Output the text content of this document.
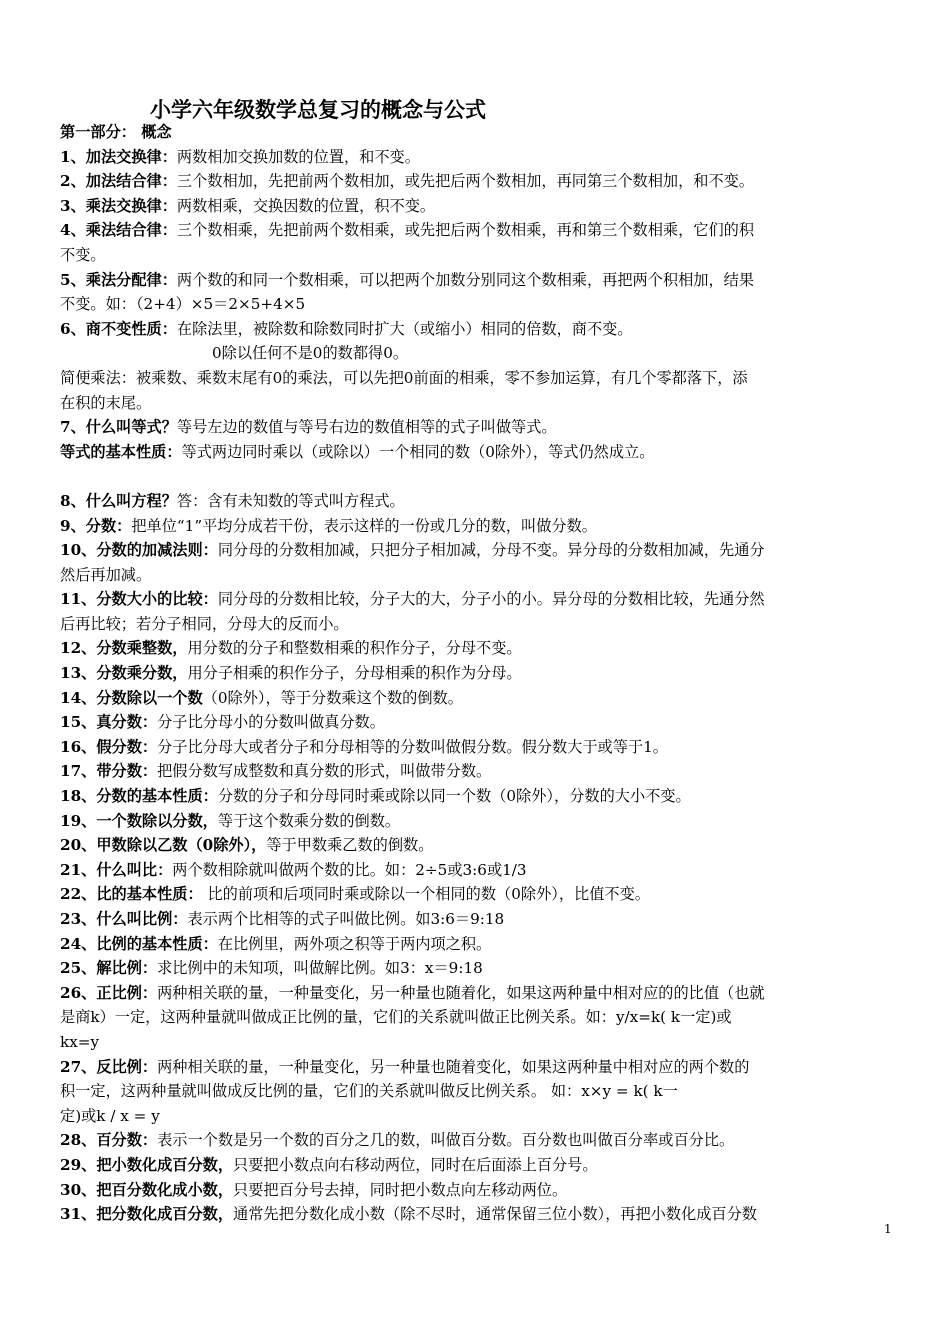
小学六年级数学总复习的概念与公式
第一部分： 概念
1、加法交换律：两数相加交换加数的位置，和不变。
2、加法结合律：三个数相加，先把前两个数相加，或先把后两个数相加，再同第三个数相加，和不变。
3、乘法交换律：两数相乘，交换因数的位置，积不变。
4、乘法结合律：三个数相乘，先把前两个数相乘，或先把后两个数相乘，再和第三个数相乘，它们的积
不变。
5、乘法分配律：两个数的和同一个数相乘，可以把两个加数分别同这个数相乘，再把两个积相加，结果
不变。如：（2+4）×5＝2×5+4×5
6、商不变性质：在除法里，被除数和除数同时扩大（或缩小）相同的倍数，商不变。
0除以任何不是0的数都得0。
简便乘法：被乘数、乘数末尾有0的乘法，可以先把0前面的相乘，零不参加运算，有几个零都落下，添
在积的末尾。
7、什么叫等式？等号左边的数值与等号右边的数值相等的式子叫做等式。
等式的基本性质：等式两边同时乘以（或除以）一个相同的数（0除外），等式仍然成立。
8、什么叫方程？答：含有未知数的等式叫方程式。
9、分数：把单位“1”平均分成若干份，表示这样的一份或几分的数，叫做分数。
10、分数的加减法则：同分母的分数相加减，只把分子相加减，分母不变。异分母的分数相加减，先通分
然后再加减。
11、分数大小的比较：同分母的分数相比较，分子大的大，分子小的小。异分母的分数相比较，先通分然
后再比较；若分子相同，分母大的反而小。
12、分数乘整数，用分数的分子和整数相乘的积作分子，分母不变。
13、分数乘分数，用分子相乘的积作分子，分母相乘的积作为分母。
14、分数除以一个数（0除外），等于分数乘这个数的倒数。
15、真分数：分子比分母小的分数叫做真分数。
16、假分数：分子比分母大或者分子和分母相等的分数叫做假分数。假分数大于或等于1。
17、带分数：把假分数写成整数和真分数的形式，叫做带分数。
18、分数的基本性质：分数的分子和分母同时乘或除以同一个数（0除外），分数的大小不变。
19、一个数除以分数，等于这个数乘分数的倒数。
20、甲数除以乙数（0除外），等于甲数乘乙数的倒数。
21、什么叫比：两个数相除就叫做两个数的比。如：2÷5或3:6或1/3
22、比的基本性质： 比的前项和后项同时乘或除以一个相同的数（0除外），比值不变。
23、什么叫比例：表示两个比相等的式子叫做比例。如3:6＝9:18
24、比例的基本性质：在比例里，两外项之积等于两内项之积。
25、解比例：求比例中的未知项，叫做解比例。如3：x＝9:18
26、正比例：两种相关联的量，一种量变化，另一种量也随着化，如果这两种量中相对应的的比值（也就
是商k）一定，这两种量就叫做成正比例的量，它们的关系就叫做正比例关系。如：y/x=k( k一定)或
kx=y
27、反比例：两种相关联的量，一种量变化，另一种量也随着变化，如果这两种量中相对应的两个数的
积一定，这两种量就叫做成反比例的量，它们的关系就叫做反比例关系。 如：x×y = k( k一
定)或k / x = y
28、百分数：表示一个数是另一个数的百分之几的数，叫做百分数。百分数也叫做百分率或百分比。
29、把小数化成百分数，只要把小数点向右移动两位，同时在后面添上百分号。
30、把百分数化成小数，只要把百分号去掉，同时把小数点向左移动两位。
31、把分数化成百分数，通常先把分数化成小数（除不尽时，通常保留三位小数），再把小数化成百分数
1
